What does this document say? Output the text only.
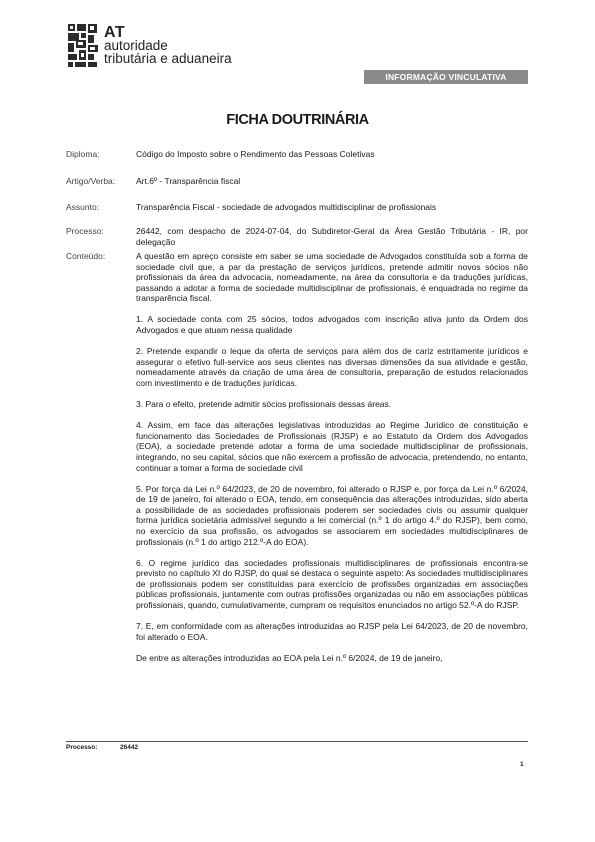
AT
autoridade
tributária e aduaneira
INFORMAÇÃO VINCULATIVA
FICHA DOUTRINÁRIA
Diploma:	Código do Imposto sobre o Rendimento das Pessoas Coletivas
Artigo/Verba: Art.6º - Transparência fiscal
Assunto:	Transparência Fiscal - sociedade de advogados multidisciplinar de profissionais
Processo:	26442, com despacho de 2024-07-04, do Subdiretor-Geral da Área Gestão Tributária - IR, por delegação
Conteúdo:	A questão em apreço consiste em saber se uma sociedade de Advogados constituída sob a forma de sociedade civil que, a par da prestação de serviços jurídicos, pretende admitir novos sócios não profissionais da área da advocacia, nomeadamente, na área da consultoria e da traduções jurídicas, passando a adotar a forma de sociedade multidisciplinar de profissionais, é enquadrada no regime da transparência fiscal.

1. A sociedade conta com 25 sócios, todos advogados com inscrição ativa junto da Ordem dos Advogados e que atuam nessa qualidade

2. Pretende expandir o leque da oferta de serviços para além dos de cariz estritamente jurídicos e assegurar o efetivo full-service aos seus clientes nas diversas dimensões da sua atividade e gestão, nomeadamente através da criação de uma área de consultoria, preparação de estudos relacionados com investimento e de traduções jurídicas.

3. Para o efeito, pretende admitir sócios profissionais dessas áreas.

4. Assim, em face das alterações legislativas introduzidas ao Regime Jurídico de constituição e funcionamento das Sociedades de Profissionais (RJSP) e ao Estatuto da Ordem dos Advogados (EOA), a sociedade pretende adotar a forma de uma sociedade multidisciplinar de profissionais, integrando, no seu capital, sócios que não exercem a profissão de advocacia, pretendendo, no entanto, continuar a tomar a forma de sociedade civil

5. Por força da Lei n.º 64/2023, de 20 de novembro, foi alterado o RJSP e, por força da Lei n.º 6/2024, de 19 de janeiro, foi alterado o EOA, tendo, em consequência das alterações introduzidas, sido aberta a possibilidade de as sociedades profissionais poderem ser sociedades civis ou assumir qualquer forma jurídica societária admissível segundo a lei comercial (n.º 1 do artigo 4.º do RJSP), bem como, no exercício da sua profissão, os advogados se associarem em sociedades multidisciplinares de profissionais (n.º 1 do artigo 212.º-A do EOA).

6. O regime jurídico das sociedades profissionais multidisciplinares de profissionais encontra-se previsto no capítulo XI do RJSP, do qual se destaca o seguinte aspeto: As sociedades multidisciplinares de profissionais podem ser constituídas para exercício de profissões organizadas em associações públicas profissionais, juntamente com outras profissões organizadas ou não em associações públicas profissionais, quando, cumulativamente, cumpram os requisitos enunciados no artigo 52.º-A do RJSP.

7. E, em conformidade com as alterações introduzidas ao RJSP pela Lei 64/2023, de 20 de novembro, foi alterado o EOA.

De entre as alterações introduzidas ao EOA pela Lei n.º 6/2024, de 19 de janeiro,

Processo:	26442
1
